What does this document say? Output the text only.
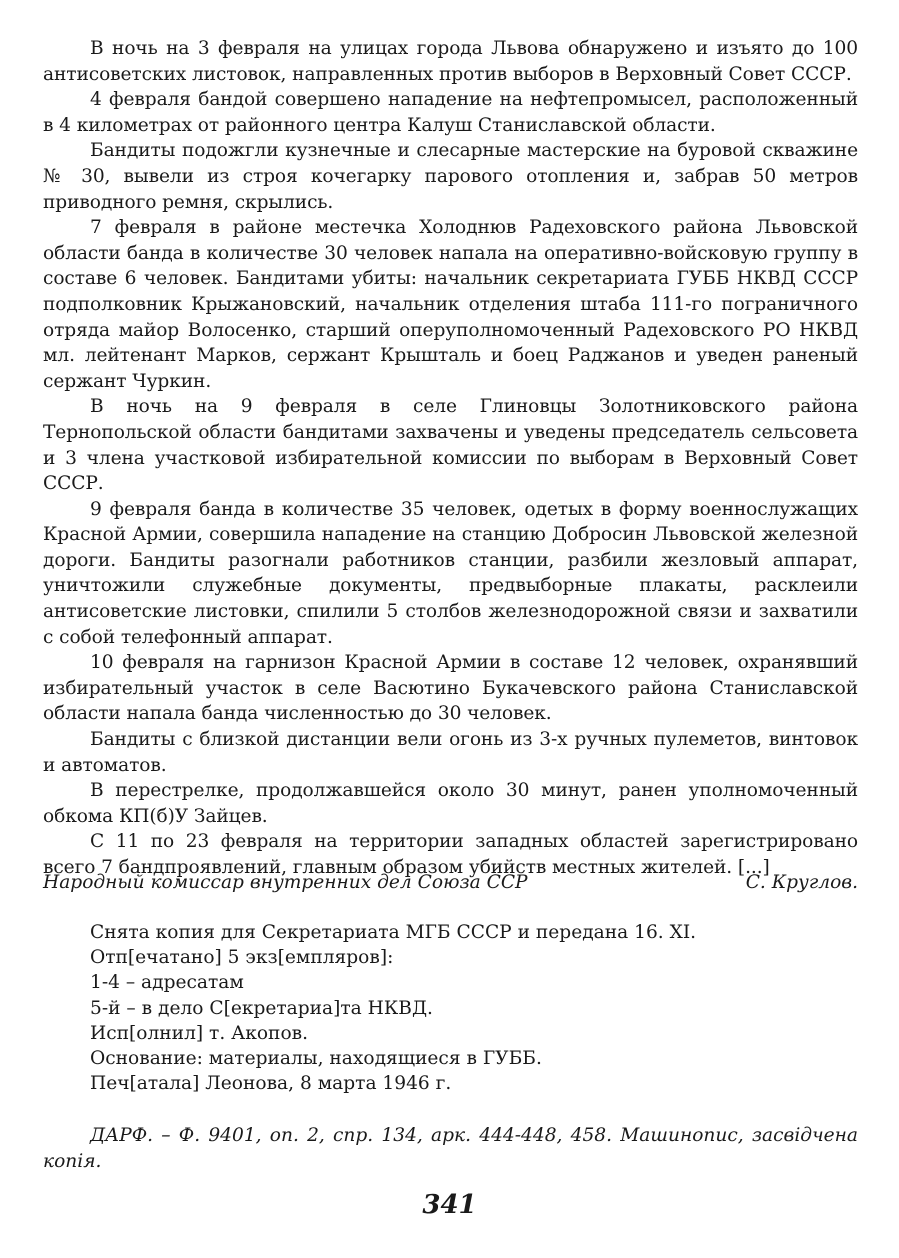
В ночь на 3 февраля на улицах города Львова обнаружено и изъято до 100 антисоветских листовок, направленных против выборов в Верховный Совет СССР.

4 февраля бандой совершено нападение на нефтепромысел, расположенный в 4 километрах от районного центра Калуш Станиславской области.

Бандиты подожгли кузнечные и слесарные мастерские на буровой скважине № 30, вывели из строя кочегарку парового отопления и, забрав 50 метров приводного ремня, скрылись.

7 февраля в районе местечка Холоднюв Радеховского района Львовской области банда в количестве 30 человек напала на оперативно-войсковую группу в составе 6 человек. Бандитами убиты: начальник секретариата ГУББ НКВД СССР подполковник Крыжановский, начальник отделения штаба 111-го пограничного отряда майор Волосенко, старший оперуполномоченный Радеховского РО НКВД мл. лейтенант Марков, сержант Крышталь и боец Раджанов и уведен раненый сержант Чуркин.

В ночь на 9 февраля в селе Глиновцы Золотниковского района Тернопольской области бандитами захвачены и уведены председатель сельсовета и 3 члена участковой избирательной комиссии по выборам в Верховный Совет СССР.

9 февраля банда в количестве 35 человек, одетых в форму военнослужащих Красной Армии, совершила нападение на станцию Добросин Львовской железной дороги. Бандиты разогнали работников станции, разбили жезловый аппарат, уничтожили служебные документы, предвыборные плакаты, расклеили антисоветские листовки, спилили 5 столбов железнодорожной связи и захватили с собой телефонный аппарат.

10 февраля на гарнизон Красной Армии в составе 12 человек, охранявший избирательный участок в селе Васютино Букачевского района Станиславской области напала банда численностью до 30 человек.

Бандиты с близкой дистанции вели огонь из 3-х ручных пулеметов, винтовок и автоматов.

В перестрелке, продолжавшейся около 30 минут, ранен уполномоченный обкома КП(б)У Зайцев.

С 11 по 23 февраля на территории западных областей зарегистрировано всего 7 бандпроявлений, главным образом убийств местных жителей. [...]

Народный комиссар внутренних дел Союза ССР	С. Круглов.
Снята копия для Секретариата МГБ СССР и передана 16. XI.
Отп[ечатано] 5 экз[емпляров]:
1-4 – адресатам
5-й – в дело С[екретариа]та НКВД.
Исп[олнил] т. Акопов.
Основание: материалы, находящиеся в ГУББ.
Печ[атала] Леонова, 8 марта 1946 г.
ДАРФ. – Ф. 9401, оп. 2, спр. 134, арк. 444-448, 458. Машинопис, засвідчена копія.
341
